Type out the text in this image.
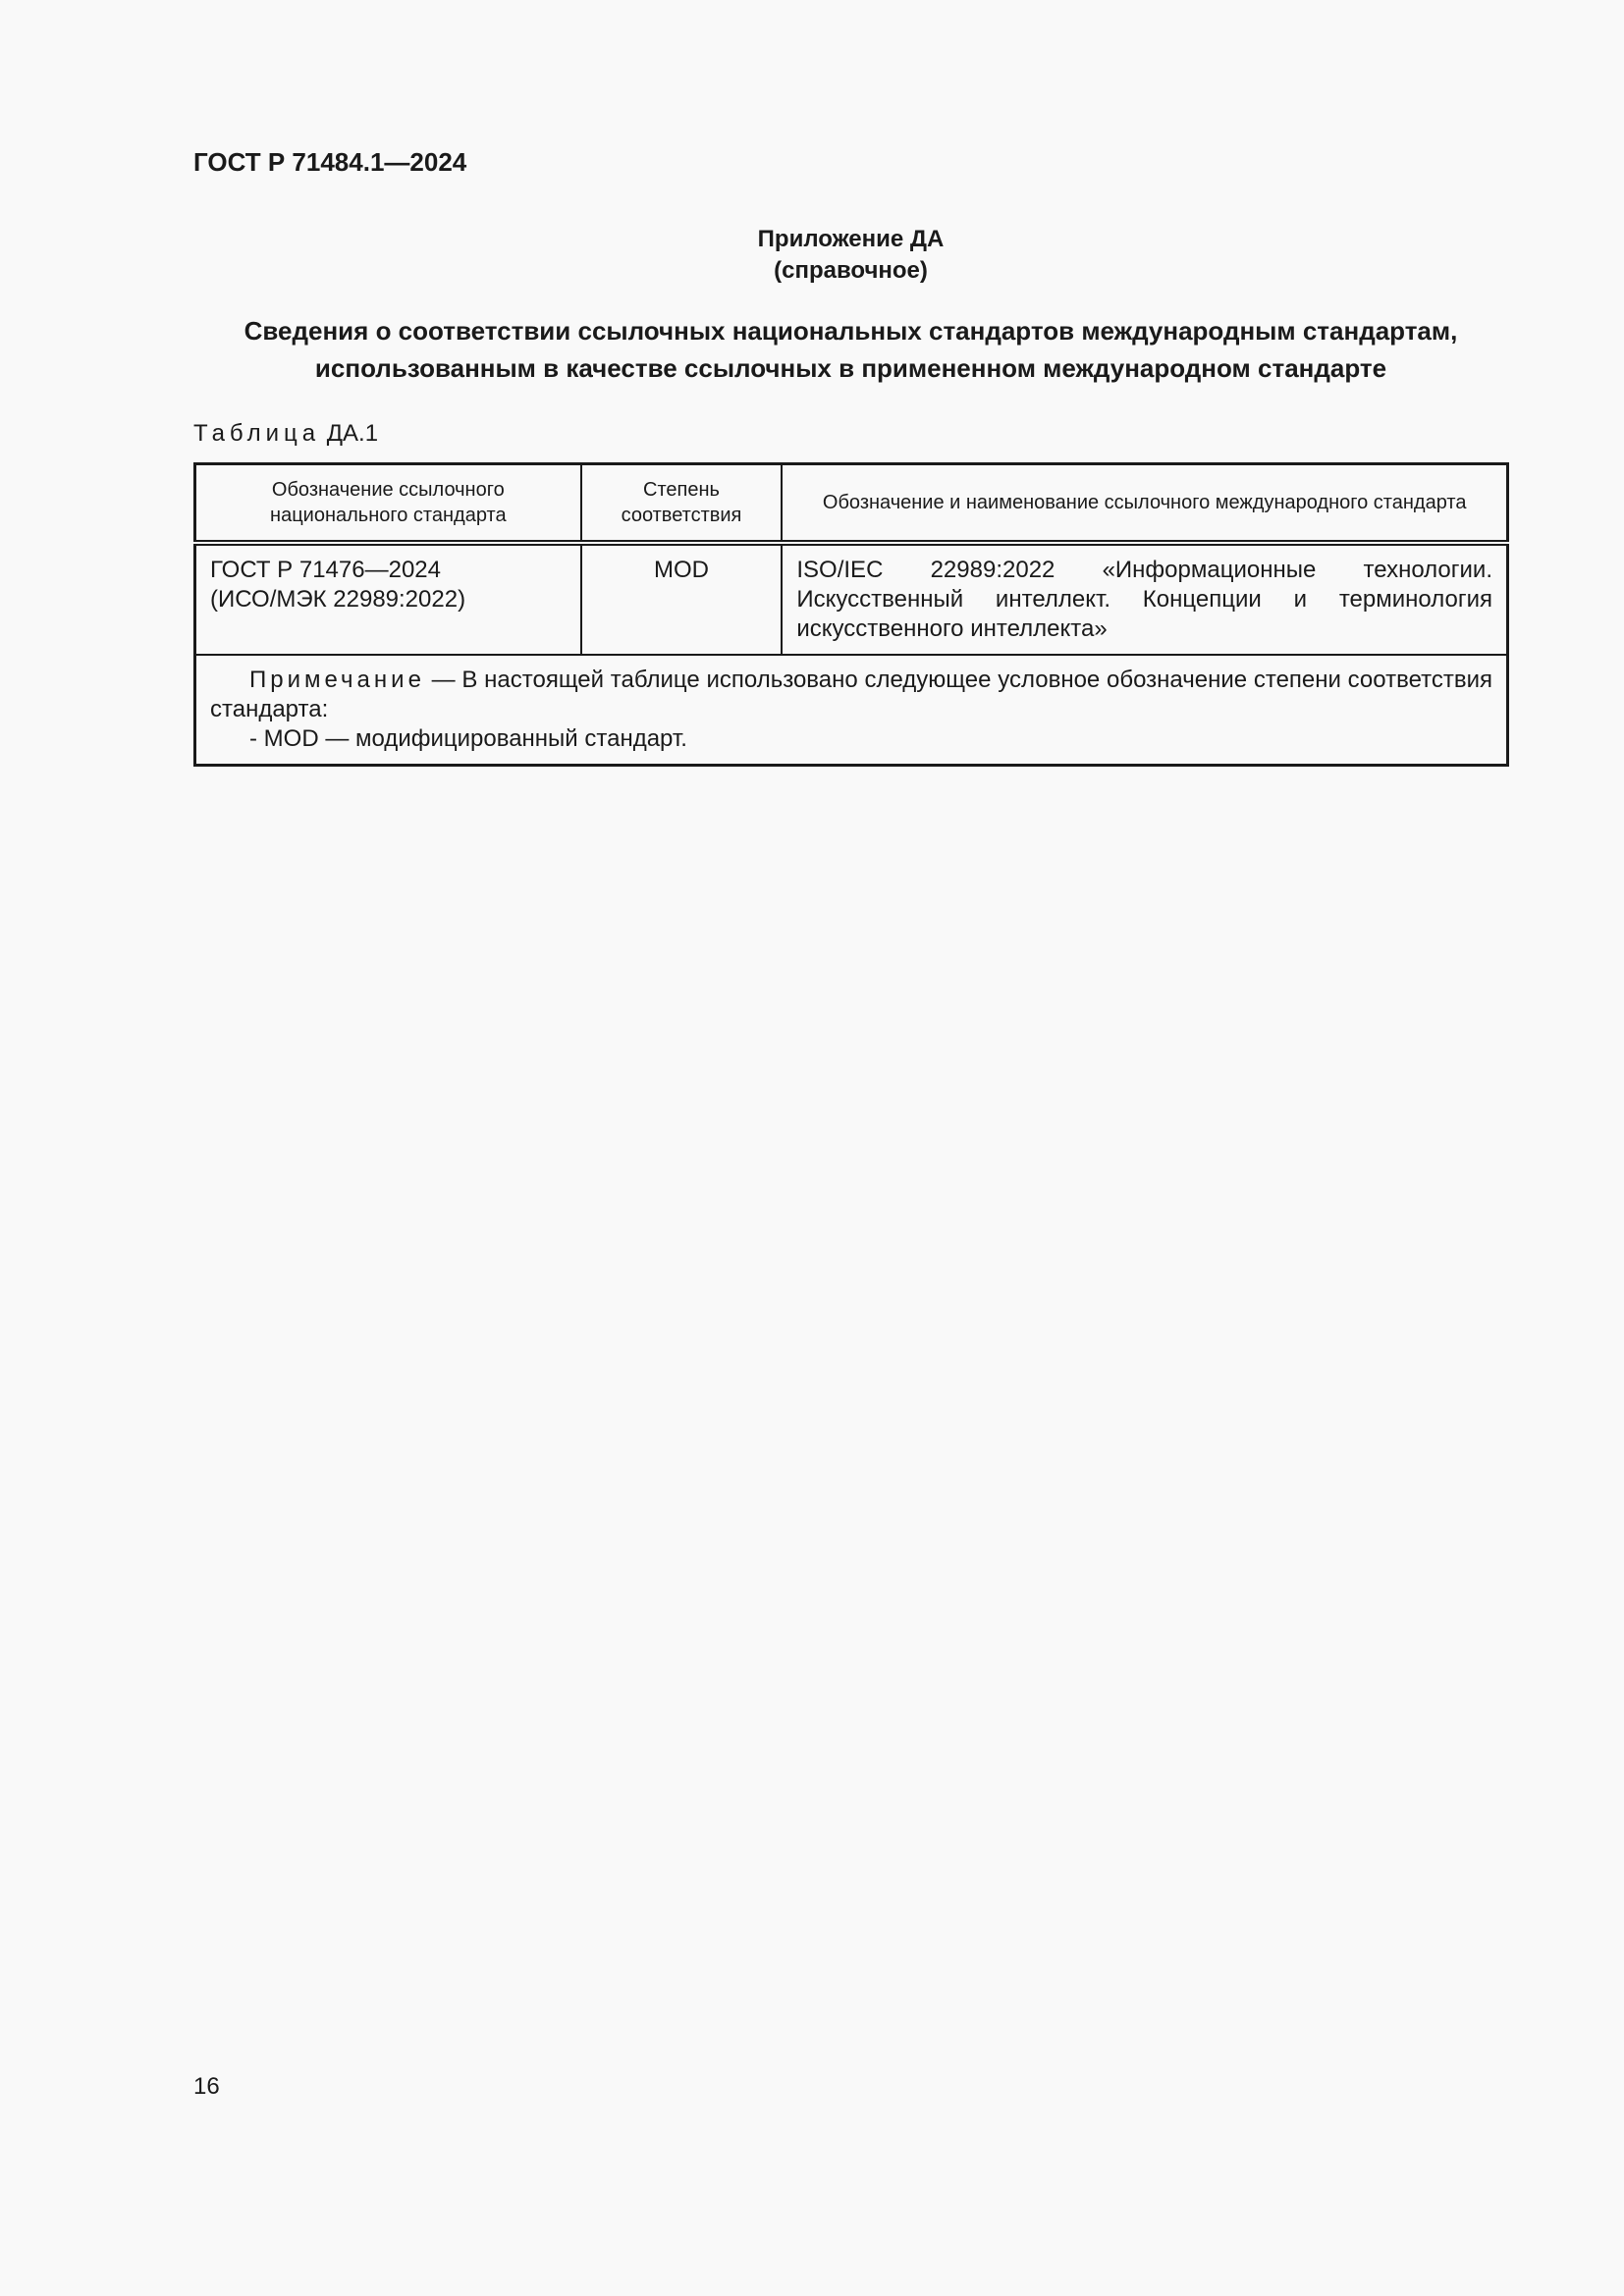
ГОСТ Р 71484.1—2024
Приложение ДА
(справочное)
Сведения о соответствии ссылочных национальных стандартов международным стандартам,
использованным в качестве ссылочных в примененном международном стандарте
Таблица ДА.1
Обозначение ссылочного национального стандарта	Степень соответствия	Обозначение и наименование ссылочного международного стандарта

ГОСТ Р 71476—2024
(ИСО/МЭК 22989:2022)	MOD	ISO/IEC 22989:2022 «Информационные технологии. Искусственный интеллект. Концепции и терминология искусственного интеллекта»

Примечание — В настоящей таблице использовано следующее условное обозначение степени соответствия стандарта:
- MOD — модифицированный стандарт.		
16
